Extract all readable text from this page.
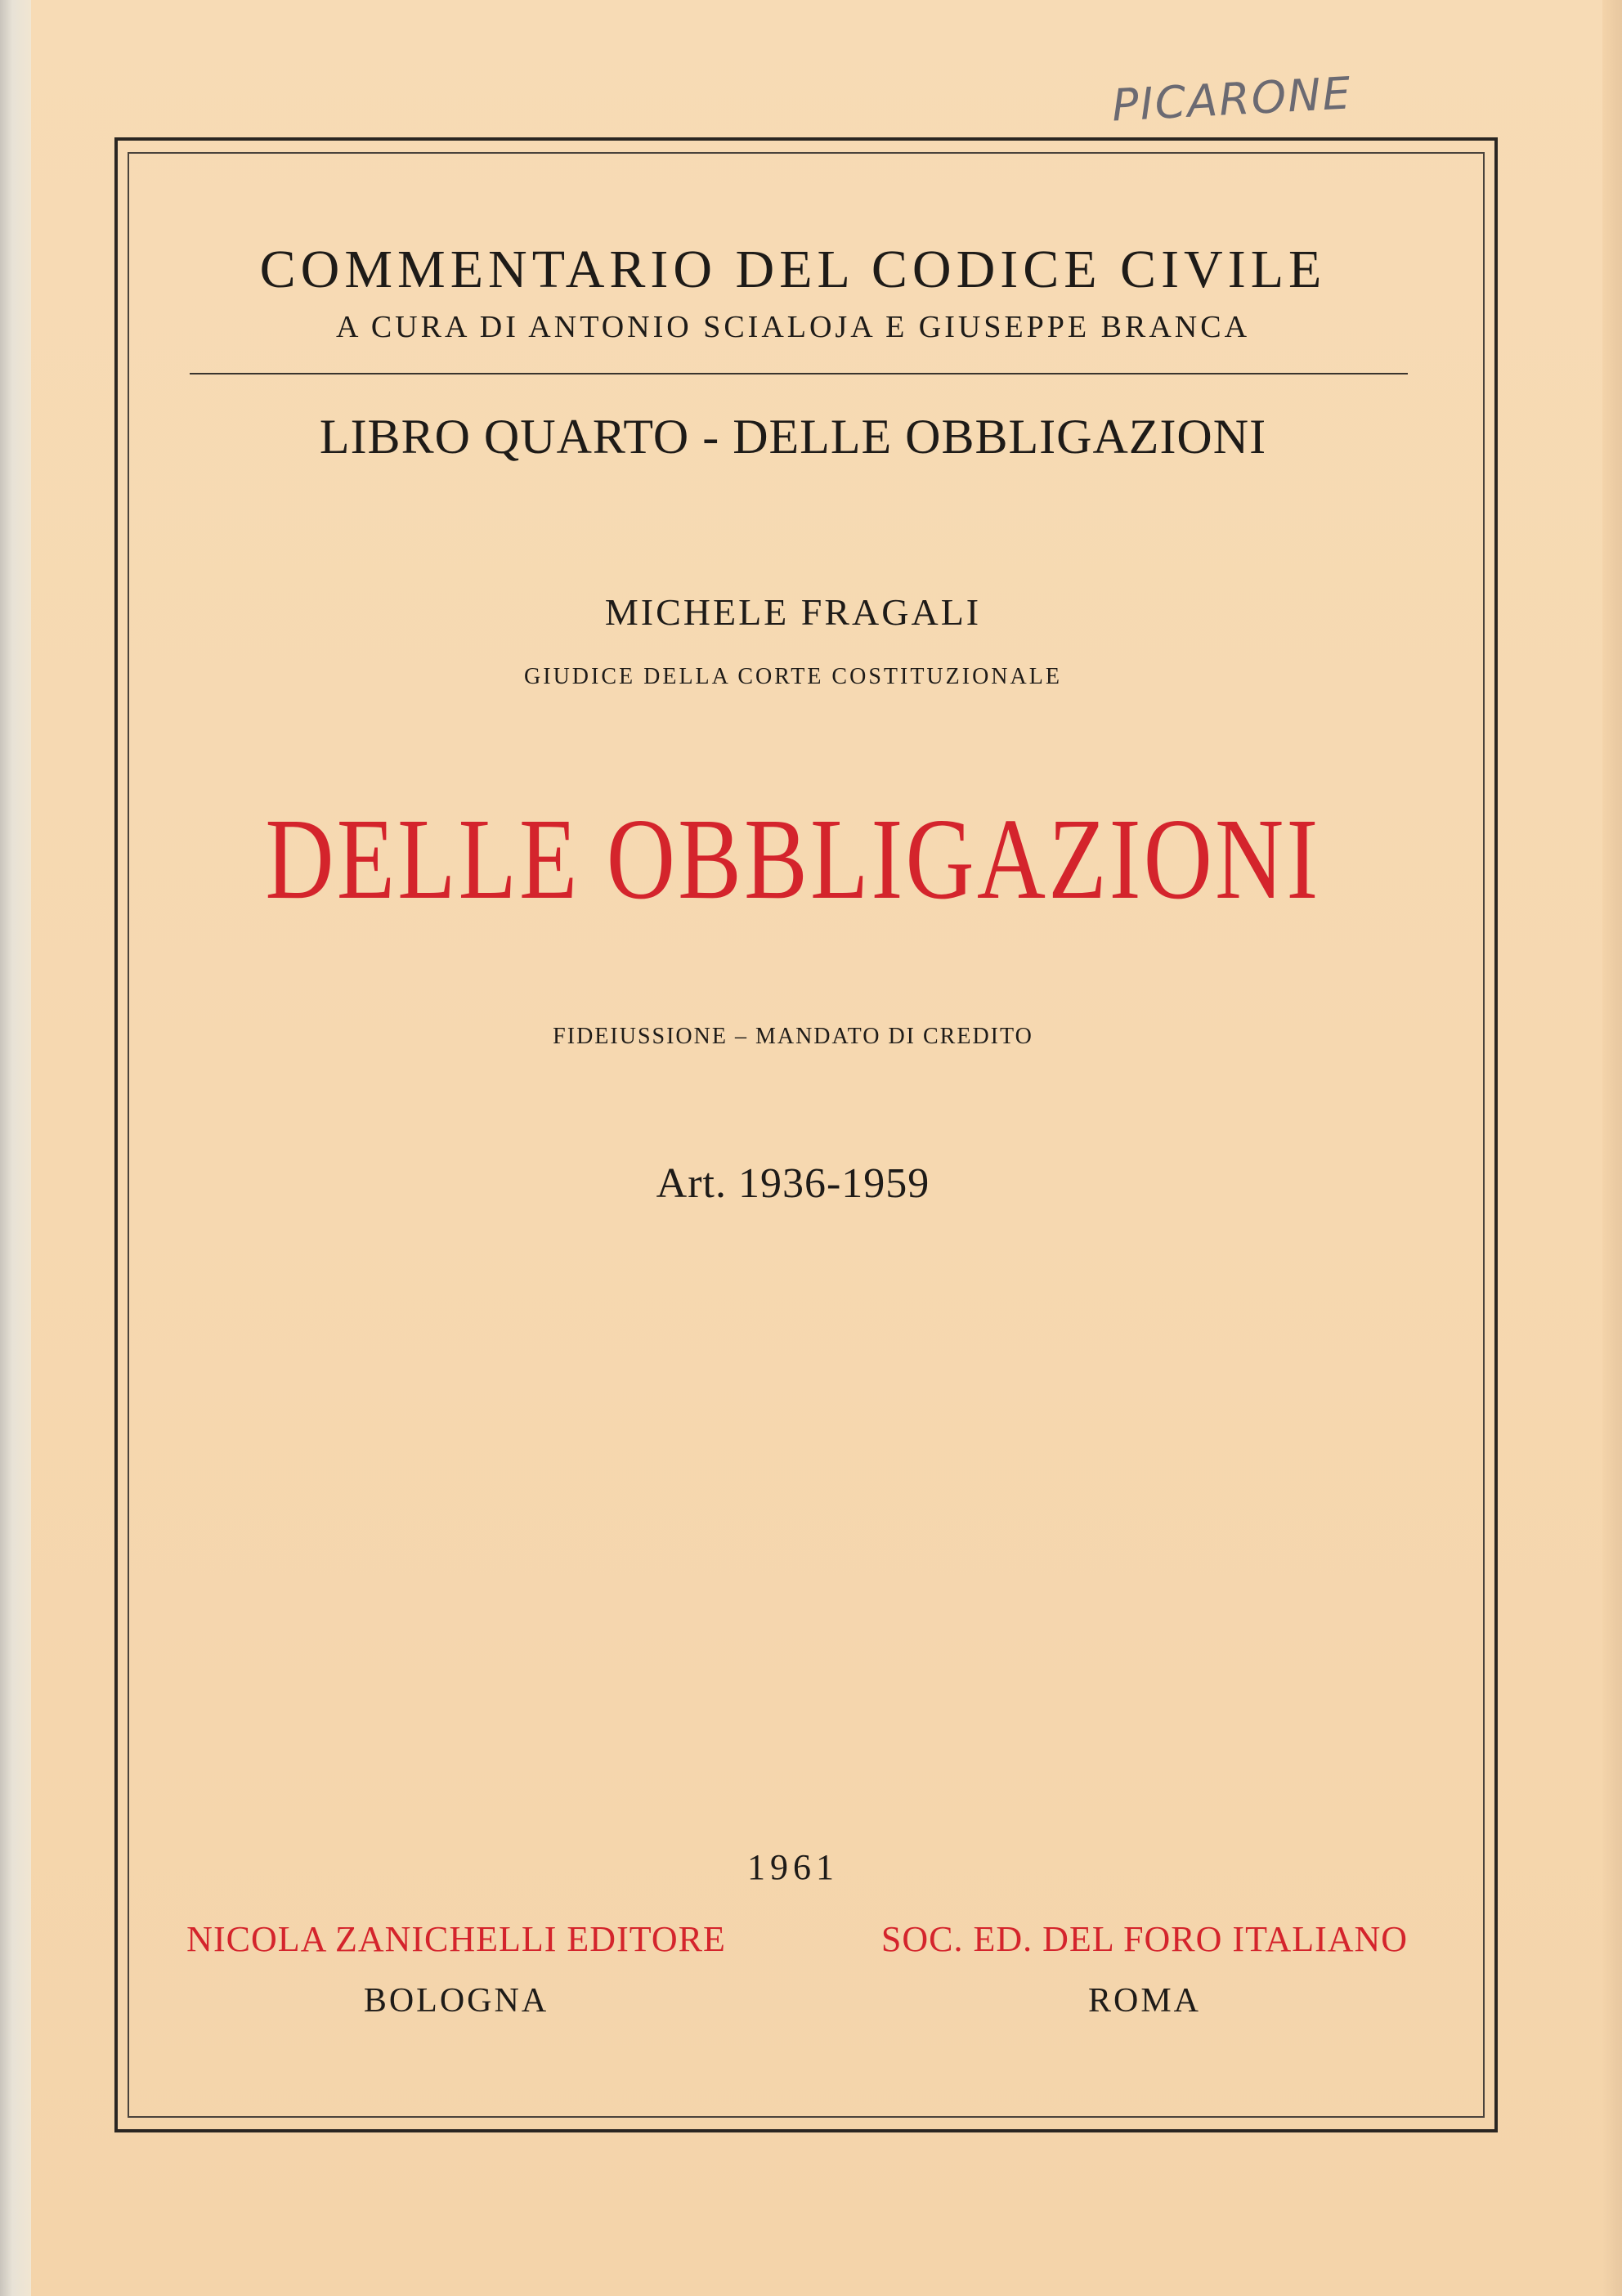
PICARONE
COMMENTARIO DEL CODICE CIVILE
A CURA DI ANTONIO SCIALOJA E GIUSEPPE BRANCA
LIBRO QUARTO - DELLE OBBLIGAZIONI
MICHELE FRAGALI
GIUDICE DELLA CORTE COSTITUZIONALE
DELLE OBBLIGAZIONI
FIDEIUSSIONE – MANDATO DI CREDITO
Art. 1936-1959
1961
NICOLA ZANICHELLI EDITORE
BOLOGNA
SOC. ED. DEL FORO ITALIANO
ROMA
